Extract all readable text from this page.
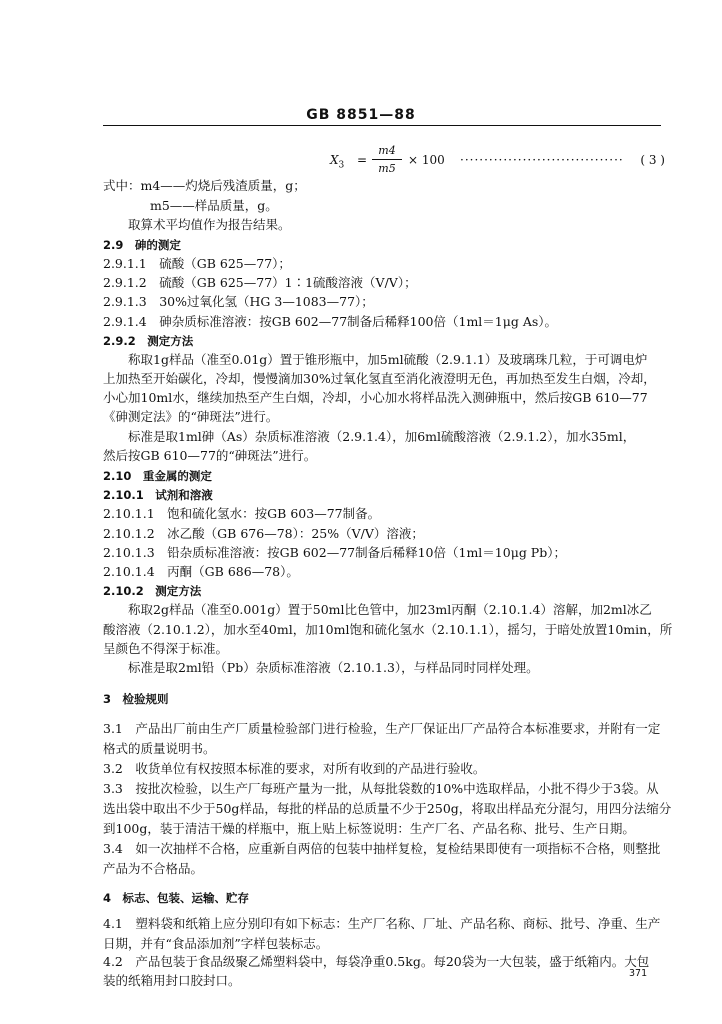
GB 8851—88
$X_3 = \frac{m4}{m5} \times 100$ ·································· ( 3 )
式中：m4——灼烧后残渣质量，g；
m5——样品质量，g。
取算术平均值作为报告结果。
2.9　砷的测定
2.9.1.1　硫酸（GB 625—77）；
2.9.1.2　硫酸（GB 625—77）1∶1硫酸溶液（V/V）；
2.9.1.3　30%过氧化氢（HG 3—1083—77）；
2.9.1.4　砷杂质标准溶液：按GB 602—77制备后稀释100倍（1ml＝1μg As）。
2.9.2　测定方法
称取1g样品（准至0.01g）置于锥形瓶中，加5ml硫酸（2.9.1.1）及玻璃珠几粒，于可调电炉
上加热至开始碳化，冷却，慢慢滴加30%过氧化氢直至消化液澄明无色，再加热至发生白烟，冷却，
小心加10ml水，继续加热至产生白烟，冷却，小心加水将样品洗入测砷瓶中，然后按GB 610—77
《砷测定法》的“砷斑法”进行。
标准是取1ml砷（As）杂质标准溶液（2.9.1.4），加6ml硫酸溶液（2.9.1.2），加水35ml，
然后按GB 610—77的“砷斑法”进行。
2.10　重金属的测定
2.10.1　试剂和溶液
2.10.1.1　饱和硫化氢水：按GB 603—77制备。
2.10.1.2　冰乙酸（GB 676—78）：25%（V/V）溶液；
2.10.1.3　铅杂质标准溶液：按GB 602—77制备后稀释10倍（1ml＝10μg Pb）；
2.10.1.4　丙酮（GB 686—78）。
2.10.2　测定方法
称取2g样品（准至0.001g）置于50ml比色管中，加23ml丙酮（2.10.1.4）溶解，加2ml冰乙
酸溶液（2.10.1.2），加水至40ml，加10ml饱和硫化氢水（2.10.1.1），摇匀，于暗处放置10min，所
呈颜色不得深于标准。
标准是取2ml铅（Pb）杂质标准溶液（2.10.1.3），与样品同时同样处理。
3　检验规则
3.1　产品出厂前由生产厂质量检验部门进行检验，生产厂保证出厂产品符合本标准要求，并附有一定
格式的质量说明书。
3.2　收货单位有权按照本标准的要求，对所有收到的产品进行验收。
3.3　按批次检验，以生产厂每班产量为一批，从每批袋数的10%中选取样品，小批不得少于3袋。从
选出袋中取出不少于50g样品，每批的样品的总质量不少于250g，将取出样品充分混匀，用四分法缩分
到100g，装于清洁干燥的样瓶中，瓶上贴上标签说明：生产厂名、产品名称、批号、生产日期。
3.4　如一次抽样不合格，应重新自两倍的包装中抽样复检，复检结果即使有一项指标不合格，则整批
产品为不合格品。
4　标志、包装、运输、贮存
4.1　塑料袋和纸箱上应分别印有如下标志：生产厂名称、厂址、产品名称、商标、批号、净重、生产
日期，并有“食品添加剂”字样包装标志。
4.2　产品包装于食品级聚乙烯塑料袋中，每袋净重0.5kg。每20袋为一大包装，盛于纸箱内。大包
装的纸箱用封口胶封口。	371
